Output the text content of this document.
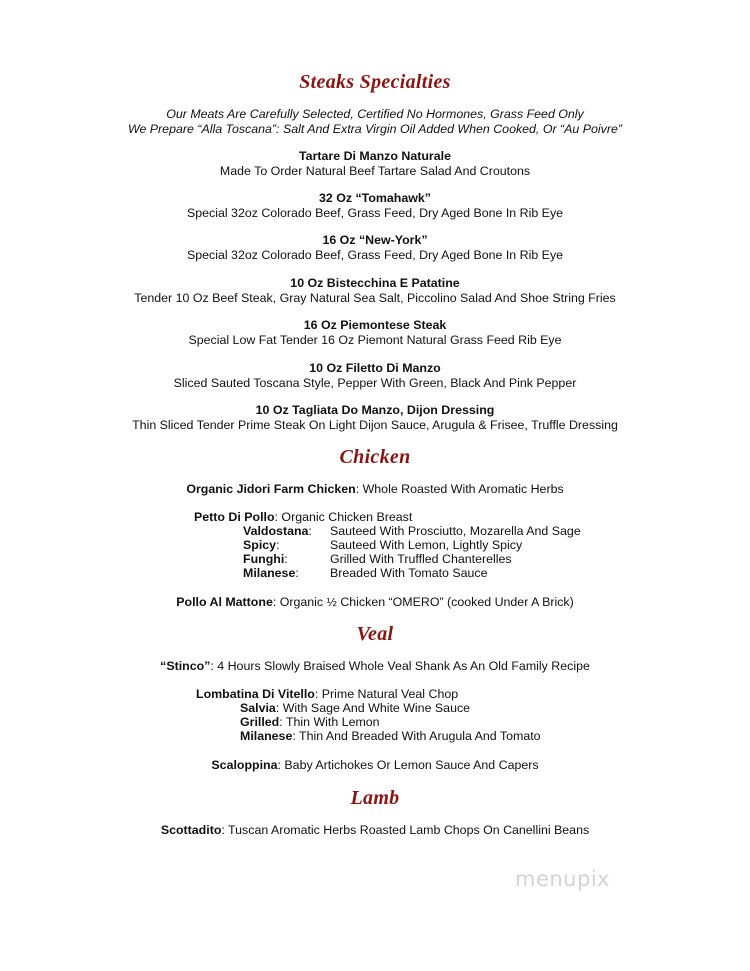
Steaks Specialties
Our Meats Are Carefully Selected, Certified No Hormones, Grass Feed Only
We Prepare “Alla Toscana”: Salt And Extra Virgin Oil Added When Cooked, Or “Au Poivre”
Tartare Di Manzo Naturale
Made To Order Natural Beef Tartare Salad And Croutons
32 Oz “Tomahawk”
Special 32oz Colorado Beef, Grass Feed, Dry Aged Bone In Rib Eye
16 Oz “New-York”
Special 32oz Colorado Beef, Grass Feed, Dry Aged Bone In Rib Eye
10 Oz Bistecchina E Patatine
Tender 10 Oz Beef Steak, Gray Natural Sea Salt, Piccolino Salad And Shoe String Fries
16 Oz Piemontese Steak
Special Low Fat Tender 16 Oz Piemont Natural Grass Feed Rib Eye
10 Oz Filetto Di Manzo
Sliced Sauted Toscana Style, Pepper With Green, Black And Pink Pepper
10 Oz Tagliata Do Manzo, Dijon Dressing
Thin Sliced Tender Prime Steak On Light Dijon Sauce, Arugula & Frisee, Truffle Dressing
Chicken
Organic Jidori Farm Chicken: Whole Roasted With Aromatic Herbs
Petto Di Pollo: Organic Chicken Breast
Valdostana: Sauteed With Prosciutto, Mozarella And Sage
Spicy:	Sauteed With Lemon, Lightly Spicy
Funghi:	Grilled With Truffled Chanterelles
Milanese:	Breaded With Tomato Sauce
Pollo Al Mattone: Organic ½ Chicken “OMERO” (cooked Under A Brick)
Veal
“Stinco”: 4 Hours Slowly Braised Whole Veal Shank As An Old Family Recipe
Lombatina Di Vitello: Prime Natural Veal Chop
Salvia: With Sage And White Wine Sauce
Grilled: Thin With Lemon
Milanese: Thin And Breaded With Arugula And Tomato
Scaloppina: Baby Artichokes Or Lemon Sauce And Capers
Lamb
Scottadito: Tuscan Aromatic Herbs Roasted Lamb Chops On Canellini Beans
menupix
